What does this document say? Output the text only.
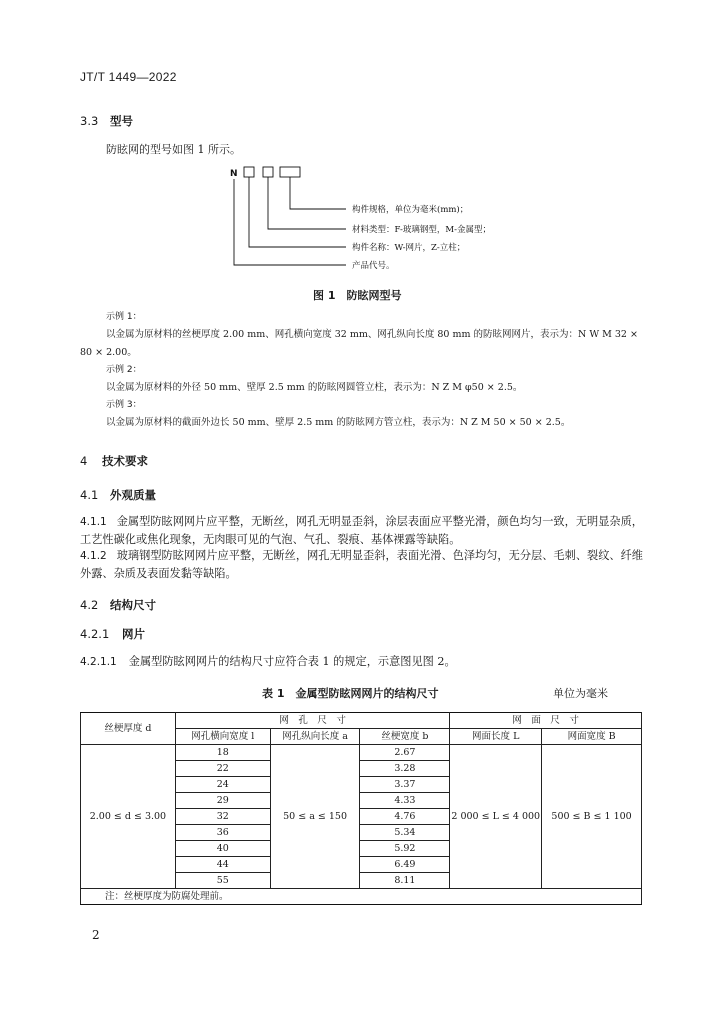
JT/T 1449—2022
3.3 型号
防眩网的型号如图 1 所示。
N
构件规格，单位为毫米(mm)；
材料类型：F-玻璃钢型，M-金属型；
构件名称：W-网片，Z-立柱；
产品代号。
图 1　防眩网型号
示例 1：
以金属为原材料的丝梗厚度 2.00 mm、网孔横向宽度 32 mm、网孔纵向长度 80 mm 的防眩网网片，表示为：N W M 32 ×
80 × 2.00。
示例 2：
以金属为原材料的外径 50 mm、壁厚 2.5 mm 的防眩网圆管立柱，表示为：N Z M φ50 × 2.5。
示例 3：
以金属为原材料的截面外边长 50 mm、壁厚 2.5 mm 的防眩网方管立柱，表示为：N Z M 50 × 50 × 2.5。
4 技术要求
4.1 外观质量
4.1.1 金属型防眩网网片应平整，无断丝，网孔无明显歪斜，涂层表面应平整光滑，颜色均匀一致，无明显杂质，工艺性碳化或焦化现象，无肉眼可见的气泡、气孔、裂痕、基体裸露等缺陷。
4.1.2 玻璃钢型防眩网网片应平整，无断丝，网孔无明显歪斜，表面光滑、色泽均匀，无分层、毛刺、裂纹、纤维外露、杂质及表面发黏等缺陷。
4.2 结构尺寸
4.2.1 网片
4.2.1.1 金属型防眩网网片的结构尺寸应符合表 1 的规定，示意图见图 2。
表 1　金属型防眩网网片的结构尺寸	单位为毫米
丝梗厚度 d	网　孔　尺　寸			网　面　尺　寸	
	网孔横向宽度 l	网孔纵向长度 a	丝梗宽度 b	网面长度 L	网面宽度 B
2.00 ≤ d ≤ 3.00	18	50 ≤ a ≤ 150	2.67	2 000 ≤ L ≤ 4 000	500 ≤ B ≤ 1 100
	22		3.28		
	24		3.37		
	29		4.33		
	32		4.76		
	36		5.34		
	40		5.92		
	44		6.49		
	55		8.11		
注：丝梗厚度为防腐处理前。					
2
